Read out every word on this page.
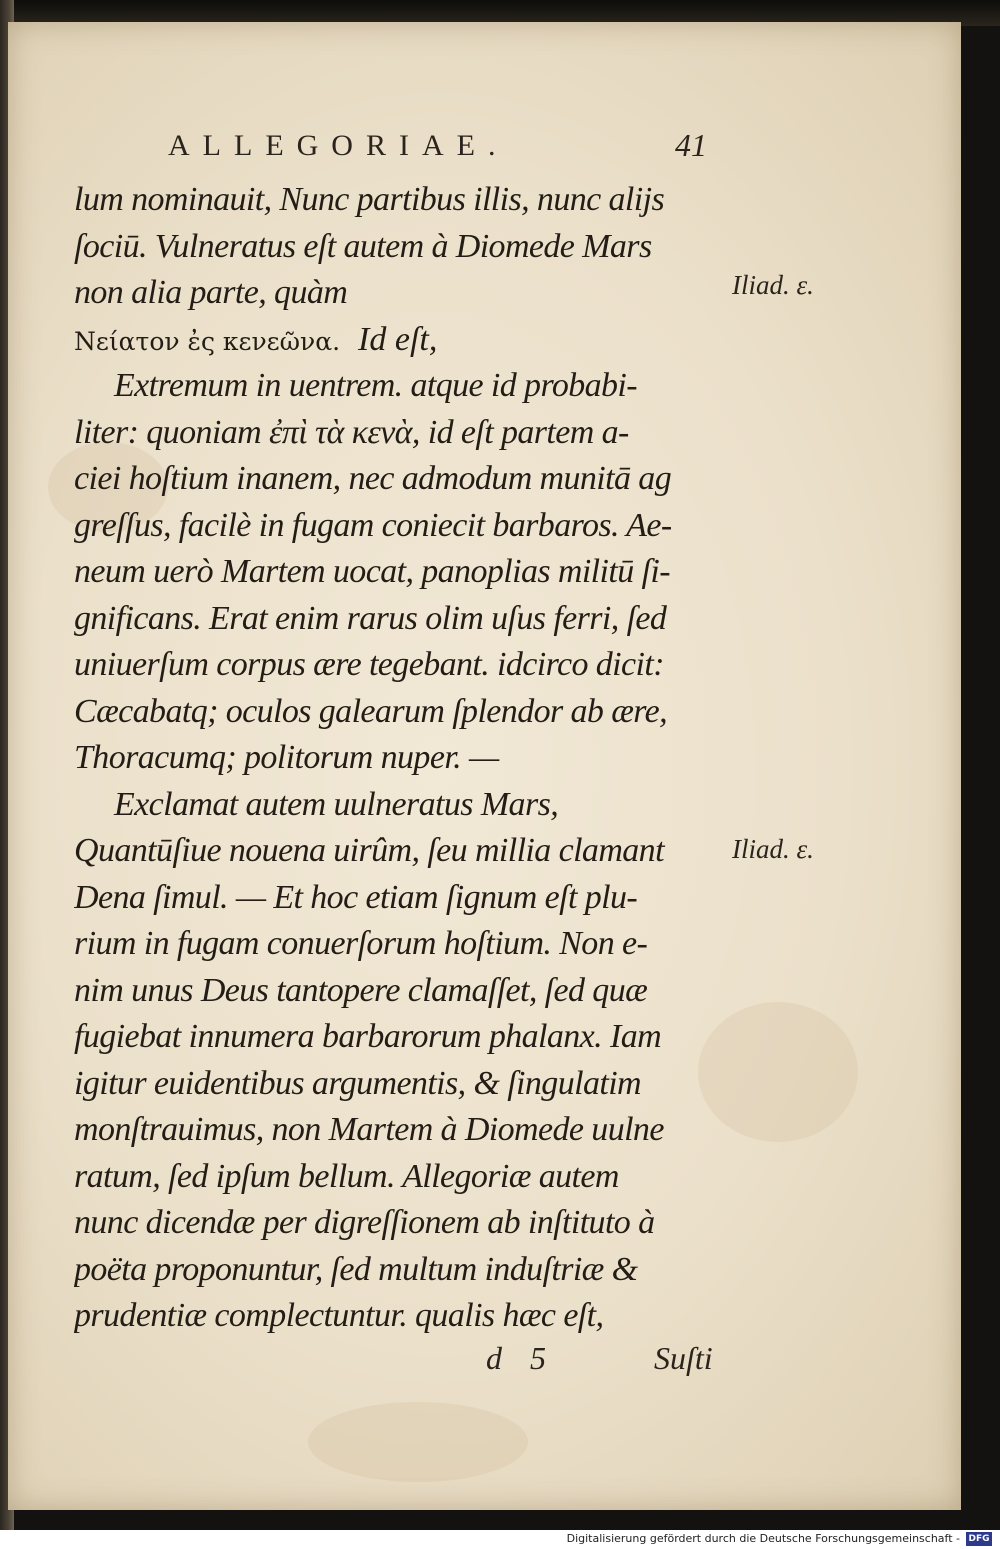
ALLEGORIAE.	41
lum nominauit, Nunc partibus illis, nunc alijs
ſociū. Vulneratus eſt autem à Diomede Mars
non alia parte, quàm
Νείατον ἐς κενεῶνα. Id eſt,
Extremum in uentrem. atque id probabi-
liter: quoniam ἐπὶ τὰ κενὰ, id eſt partem a-
ciei hoſtium inanem, nec admodum munitā ag
greſſus, facilè in fugam coniecit barbaros. Ae-
neum uerò Martem uocat, panoplias militū ſi-
gnificans. Erat enim rarus olim uſus ferri, ſed
uniuerſum corpus ære tegebant. idcirco dicit:
Cæcabatq; oculos galearum ſplendor ab ære,
Thoracumq; politorum nuper. —
Exclamat autem uulneratus Mars,
Quantūſiue nouena uirûm, ſeu millia clamant
Dena ſimul. — Et hoc etiam ſignum eſt plu-
rium in fugam conuerſorum hoſtium. Non e-
nim unus Deus tantopere clamaſſet, ſed quæ
fugiebat innumera barbarorum phalanx. Iam
igitur euidentibus argumentis, & ſingulatim
monſtrauimus, non Martem à Diomede uulne
ratum, ſed ipſum bellum. Allegoriæ autem
nunc dicendæ per digreſſionem ab inſtituto à
poëta proponuntur, ſed multum induſtriæ &
prudentiæ complectuntur. qualis hæc eſt,
Iliad. ε.
Iliad. ε.
d 5	Suſti
Digitalisierung gefördert durch die Deutsche Forschungsgemeinschaft - DFG
